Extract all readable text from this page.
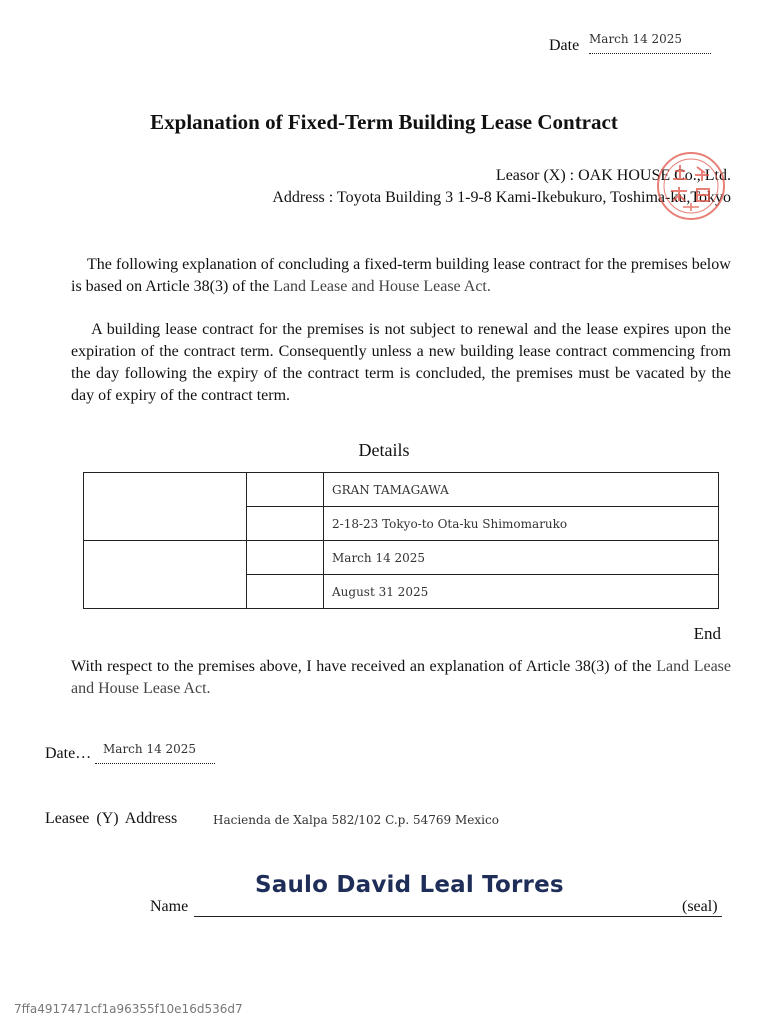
Date March 14 2025
Explanation of Fixed-Term Building Lease Contract
Leasor (X) : OAK HOUSE Co., Ltd.
Address : Toyota Building 3 1-9-8 Kami-Ikebukuro, Toshima-ku,Tokyo
The following explanation of concluding a fixed-term building lease contract for the premises below is based on Article 38(3) of the Land Lease and House Lease Act.
A building lease contract for the premises is not subject to renewal and the lease expires upon the expiration of the contract term. Consequently unless a new building lease contract commencing from the day following the expiry of the contract term is concluded, the premises must be vacated by the day of expiry of the contract term.
Details
		GRAN TAMAGAWA
		2-18-23 Tokyo-to Ota-ku Shimomaruko
		March 14 2025
		August 31 2025
End
With respect to the premises above, I have received an explanation of Article 38(3) of the Land Lease and House Lease Act.
Date… March 14 2025
Leasee (Y) Address	Hacienda de Xalpa 582/102 C.p. 54769 Mexico
Saulo David Leal Torres
Name	(seal)
7ffa4917471cf1a96355f10e16d536d7
